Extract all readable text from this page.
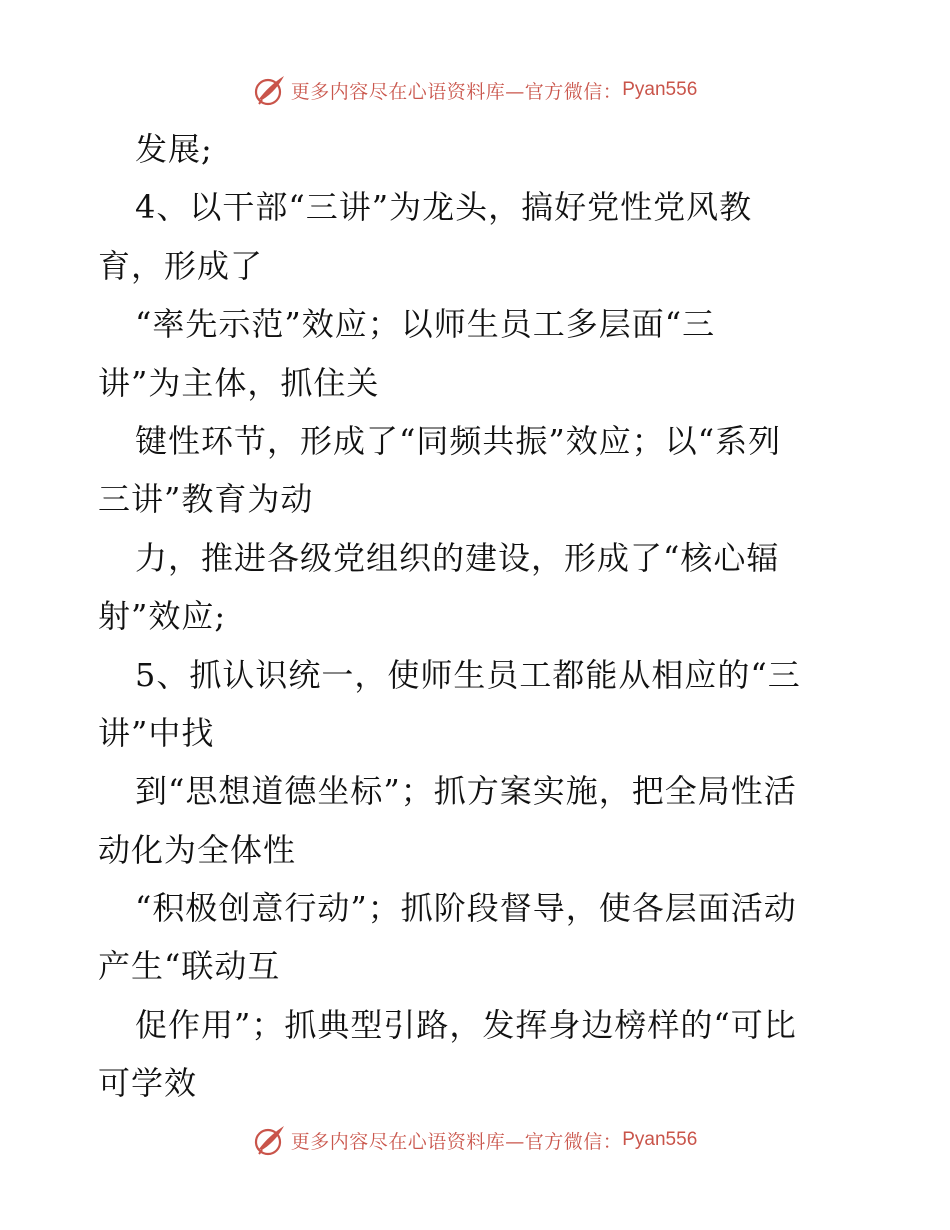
更多内容尽在心语资料库—官方微信： Pyan556
发展;
4、以干部“三讲”为龙头，搞好党性党风教
育，形成了
“率先示范”效应；以师生员工多层面“三
讲”为主体，抓住关
键性环节，形成了“同频共振”效应；以“系列
三讲”教育为动
力，推进各级党组织的建设，形成了“核心辐
射”效应;
5、抓认识统一，使师生员工都能从相应的“三
讲”中找
到“思想道德坐标”；抓方案实施，把全局性活
动化为全体性
“积极创意行动”；抓阶段督导，使各层面活动
产生“联动互
促作用”；抓典型引路，发挥身边榜样的“可比
可学效
更多内容尽在心语资料库—官方微信： Pyan556
